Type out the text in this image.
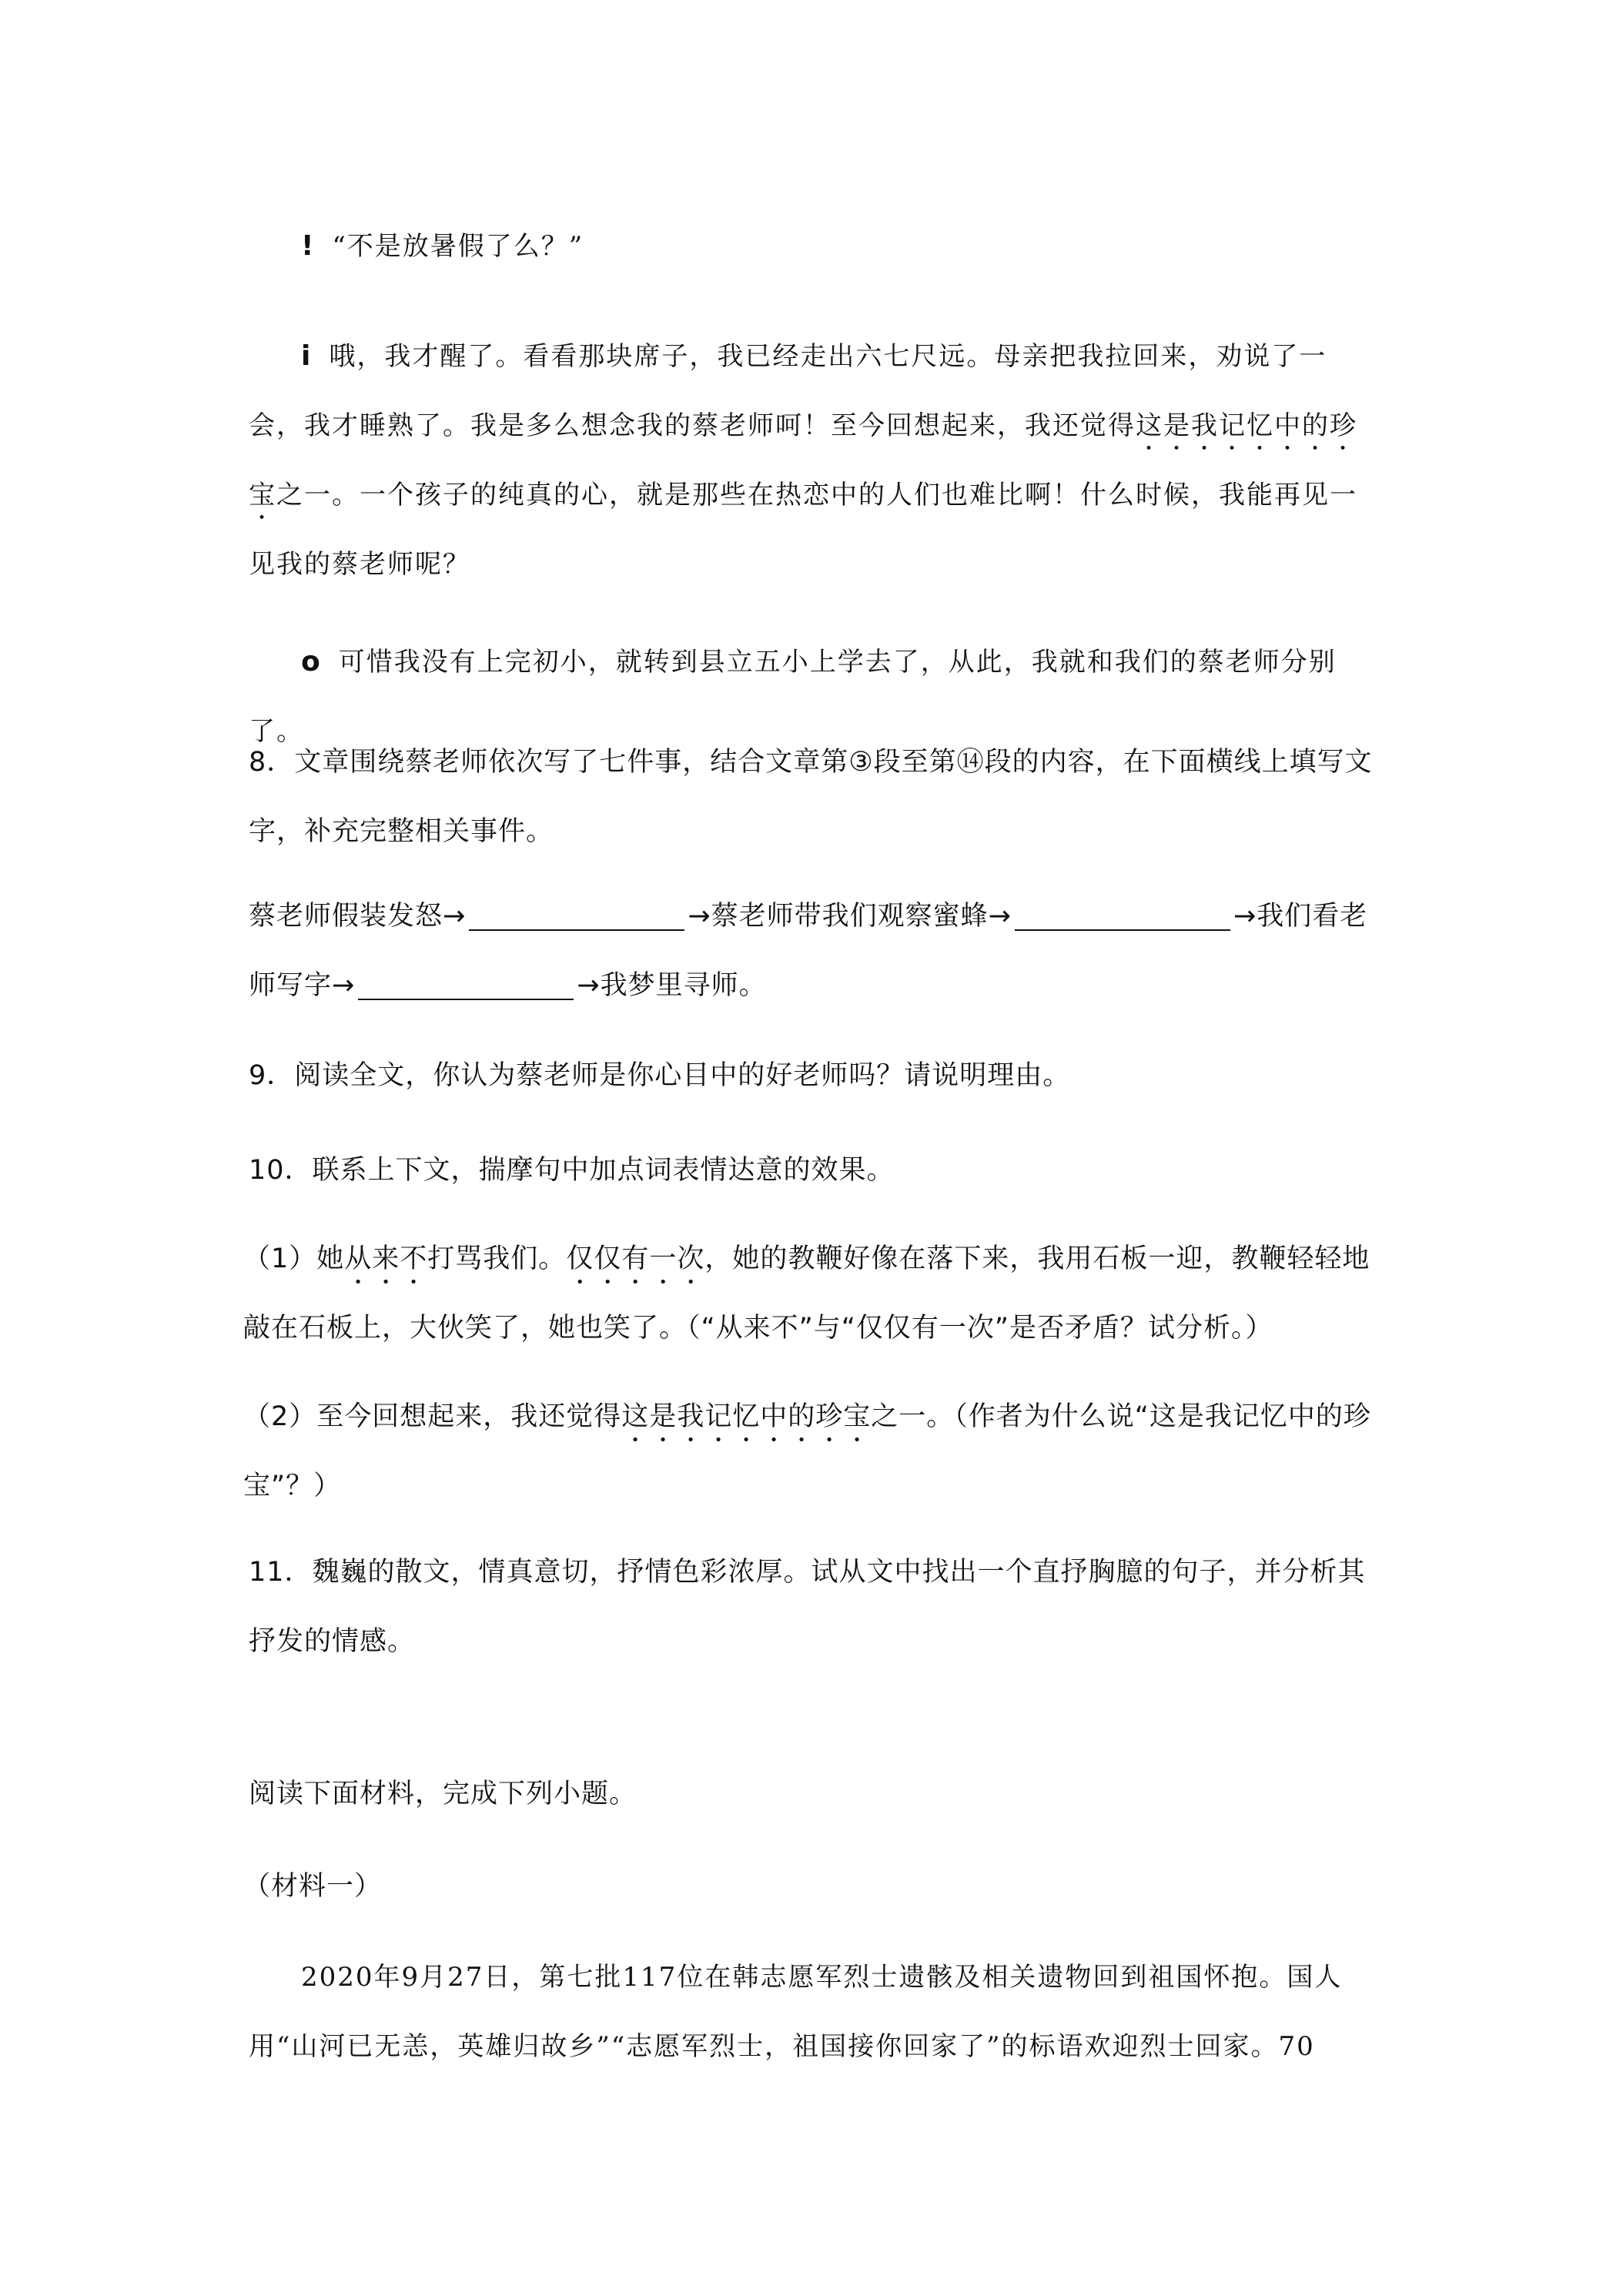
! “不是放暑假了么？”

i 哦，我才醒了。看看那块席子，我已经走出六七尺远。母亲把我拉回来，劝说了一会，我才睡熟了。我是多么想念我的蔡老师呵！至今回想起来，我还觉得这是我记忆中的珍宝之一。一个孩子的纯真的心，就是那些在热恋中的人们也难比啊！什么时候，我能再见一见我的蔡老师呢？

o 可惜我没有上完初小，就转到县立五小上学去了，从此，我就和我们的蔡老师分别了。

8．文章围绕蔡老师依次写了七件事，结合文章第③段至第⑭段的内容，在下面横线上填写文字，补充完整相关事件。

蔡老师假装发怒→	→蔡老师带我们观察蜜蜂→	→我们看老师写字→	→我梦里寻师。

9．阅读全文，你认为蔡老师是你心目中的好老师吗？请说明理由。

10．联系上下文，揣摩句中加点词表情达意的效果。

（1）她从来不打骂我们。仅仅有一次，她的教鞭好像在落下来，我用石板一迎，教鞭轻轻地敲在石板上，大伙笑了，她也笑了。（“从来不”与“仅仅有一次”是否矛盾？试分析。）

（2）至今回想起来，我还觉得这是我记忆中的珍宝之一。（作者为什么说“这是我记忆中的珍宝”？）

11．魏巍的散文，情真意切，抒情色彩浓厚。试从文中找出一个直抒胸臆的句子，并分析其抒发的情感。

阅读下面材料，完成下列小题。

（材料一）

2020年9月27日，第七批117位在韩志愿军烈士遗骸及相关遗物回到祖国怀抱。国人用“山河已无恙，英雄归故乡”“志愿军烈士，祖国接你回家了”的标语欢迎烈士回家。70
